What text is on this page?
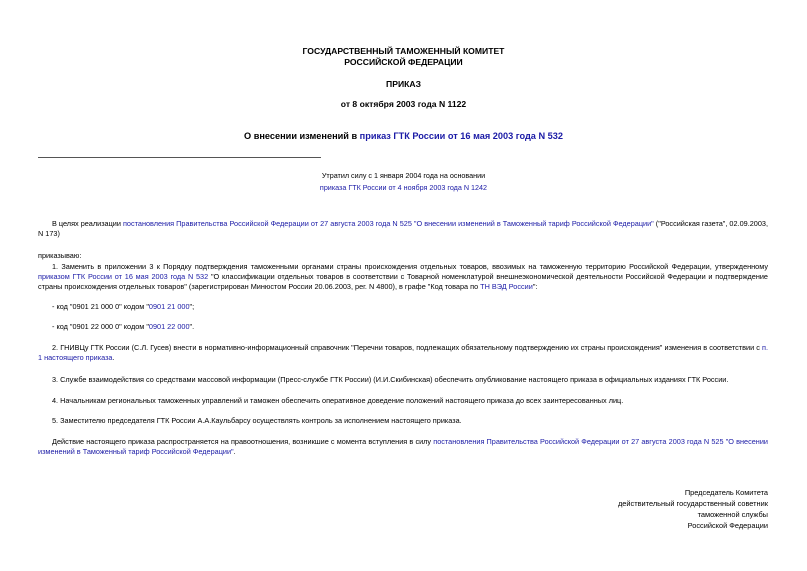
ГОСУДАРСТВЕННЫЙ ТАМОЖЕННЫЙ КОМИТЕТ
РОССИЙСКОЙ ФЕДЕРАЦИИ
ПРИКАЗ
от 8 октября 2003 года N 1122
О внесении изменений в приказ ГТК России от 16 мая 2003 года N 532
Утратил силу с 1 января 2004 года на основании
приказа ГТК России от 4 ноября 2003 года N 1242
В целях реализации постановления Правительства Российской Федерации от 27 августа 2003 года N 525 "О внесении изменений в Таможенный тариф Российской Федерации" ("Российская газета", 02.09.2003, N 173)
приказываю:
1. Заменить в приложении 3 к Порядку подтверждения таможенными органами страны происхождения отдельных товаров, ввозимых на таможенную территорию Российской Федерации, утвержденному приказом ГТК России от 16 мая 2003 года N 532 "О классификации отдельных товаров в соответствии с Товарной номенклатурой внешнеэкономической деятельности Российской Федерации и подтверждение страны происхождения отдельных товаров" (зарегистрирован Минюстом России 20.06.2003, рег. N 4800), в графе "Код товара по ТН ВЭД России":
- код "0901 21 000 0" кодом "0901 21 000";
- код "0901 22 000 0" кодом "0901 22 000".
2. ГНИВЦу ГТК России (С.Л. Гусев) внести в нормативно-информационный справочник "Перечни товаров, подлежащих обязательному подтверждению их страны происхождения" изменения в соответствии с п. 1 настоящего приказа.
3. Службе взаимодействия со средствами массовой информации (Пресс-службе ГТК России) (И.И.Скибинская) обеспечить опубликование настоящего приказа в официальных изданиях ГТК России.
4. Начальникам региональных таможенных управлений и таможен обеспечить оперативное доведение положений настоящего приказа до всех заинтересованных лиц.
5. Заместителю председателя ГТК России А.А.Каульбарсу осуществлять контроль за исполнением настоящего приказа.
Действие настоящего приказа распространяется на правоотношения, возникшие с момента вступления в силу постановления Правительства Российской Федерации от 27 августа 2003 года N 525 "О внесении изменений в Таможенный тариф Российской Федерации".
Председатель Комитета
действительный государственный советник
таможенной службы
Российской Федерации
